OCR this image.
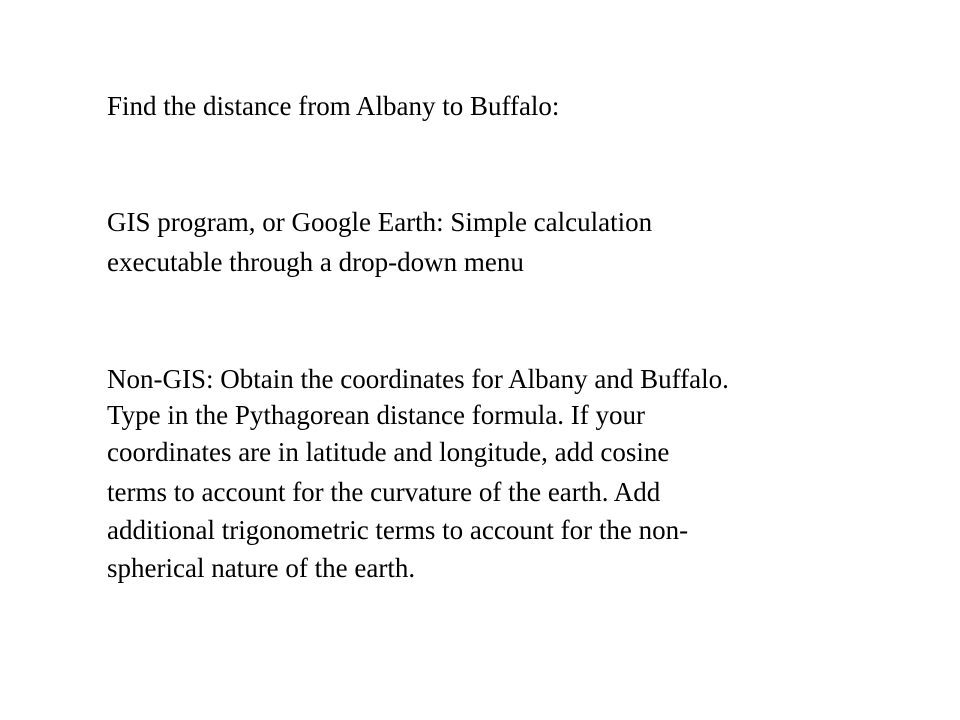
Find the distance from Albany to Buffalo:

GIS program, or Google Earth: Simple calculation

executable through a drop-down menu

Non-GIS: Obtain the coordinates for Albany and Buffalo.

Type in the Pythagorean distance formula. If your

coordinates are in latitude and longitude, add cosine

terms to account for the curvature of the earth. Add

additional trigonometric terms to account for the non-

spherical nature of the earth.
